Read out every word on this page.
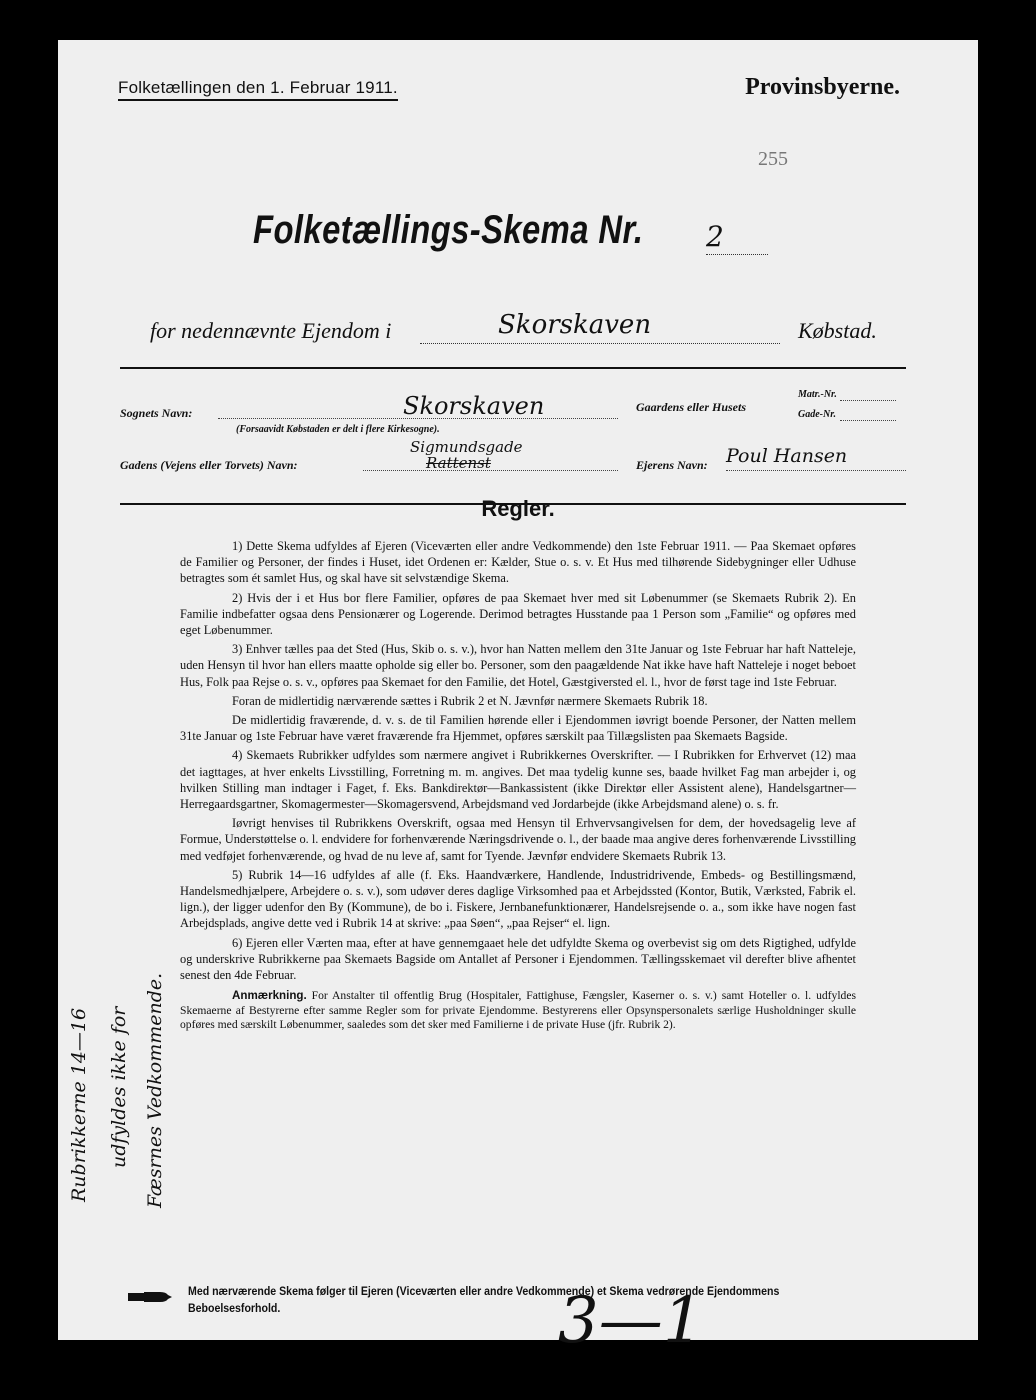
Folketællingen den 1. Februar 1911.	Provinsbyerne.
255
Folketællings-Skema Nr. 2
for nedennævnte Ejendom i	Skorskaven	Købstad.
Sognets Navn:	Skorskaven
(Forsaavidt Købstaden er delt i flere Kirkesogne).
Gaardens eller Husets
Matr.-Nr.
Gade-Nr.
Gadens (Vejens eller Torvets) Navn:
Sigmundsgade
Rattenst	Ejerens Navn: Poul Hansen
Regler.

1) Dette Skema udfyldes af Ejeren (Viceværten eller andre Vedkommende) den 1ste Februar 1911. — Paa Skemaet opføres de Familier og Personer, der findes i Huset, idet Ordenen er: Kælder, Stue o. s. v. Et Hus med tilhørende Sidebygninger eller Udhuse betragtes som ét samlet Hus, og skal have sit selvstændige Skema.

2) Hvis der i et Hus bor flere Familier, opføres de paa Skemaet hver med sit Løbenummer (se Skemaets Rubrik 2). En Familie indbefatter ogsaa dens Pensionærer og Logerende. Derimod betragtes Husstande paa 1 Person som „Familie“ og opføres med eget Løbenummer.

3) Enhver tælles paa det Sted (Hus, Skib o. s. v.), hvor han Natten mellem den 31te Januar og 1ste Februar har haft Natteleje, uden Hensyn til hvor han ellers maatte opholde sig eller bo. Personer, som den paagældende Nat ikke have haft Natteleje i noget beboet Hus, Folk paa Rejse o. s. v., opføres paa Skemaet for den Familie, det Hotel, Gæstgiversted el. l., hvor de først tage ind 1ste Februar.

Foran de midlertidig nærværende sættes i Rubrik 2 et N. Jævnfør nærmere Skemaets Rubrik 18.

De midlertidig fraværende, d. v. s. de til Familien hørende eller i Ejendommen iøvrigt boende Personer, der Natten mellem 31te Januar og 1ste Februar have været fraværende fra Hjemmet, opføres særskilt paa Tillægslisten paa Skemaets Bagside.

4) Skemaets Rubrikker udfyldes som nærmere angivet i Rubrikkernes Overskrifter. — I Rubrikken for Erhvervet (12) maa det iagttages, at hver enkelts Livsstilling, Forretning m. m. angives. Det maa tydelig kunne ses, baade hvilket Fag man arbejder i, og hvilken Stilling man indtager i Faget, f. Eks. Bankdirektør—Bankassistent (ikke Direktør eller Assistent alene), Handelsgartner—Herregaardsgartner, Skomagermester—Skomagersvend, Arbejdsmand ved Jordarbejde (ikke Arbejdsmand alene) o. s. fr.

Iøvrigt henvises til Rubrikkens Overskrift, ogsaa med Hensyn til Erhvervsangivelsen for dem, der hovedsagelig leve af Formue, Understøttelse o. l. endvidere for forhenværende Næringsdrivende o. l., der baade maa angive deres forhenværende Livsstilling med vedføjet forhenværende, og hvad de nu leve af, samt for Tyende. Jævnfør endvidere Skemaets Rubrik 13.

5) Rubrik 14—16 udfyldes af alle (f. Eks. Haandværkere, Handlende, Industridrivende, Embeds- og Bestillingsmænd, Handelsmedhjælpere, Arbejdere o. s. v.), som udøver deres daglige Virksomhed paa et Arbejdssted (Kontor, Butik, Værksted, Fabrik el. lign.), der ligger udenfor den By (Kommune), de bo i. Fiskere, Jernbanefunktionærer, Handelsrejsende o. a., som ikke have nogen fast Arbejdsplads, angive dette ved i Rubrik 14 at skrive: „paa Søen“, „paa Rejser“ el. lign.

6) Ejeren eller Værten maa, efter at have gennemgaaet hele det udfyldte Skema og overbevist sig om dets Rigtighed, udfylde og underskrive Rubrikkerne paa Skemaets Bagside om Antallet af Personer i Ejendommen. Tællingsskemaet vil derefter blive afhentet senest den 4de Februar.

Anmærkning. For Anstalter til offentlig Brug (Hospitaler, Fattighuse, Fængsler, Kaserner o. s. v.) samt Hoteller o. l. udfyldes Skemaerne af Bestyrerne efter samme Regler som for private Ejendomme. Bestyrerens eller Opsynspersonalets særlige Husholdninger skulle opføres med særskilt Løbenummer, saaledes som det sker med Familierne i de private Huse (jfr. Rubrik 2).

Rubrikkerne 14—16 udfyldes ikke for Fæsrnes Vedkommende.
Med nærværende Skema følger til Ejeren (Viceværten eller andre Vedkommende) et Skema vedrørende Ejendommens Beboelsesforhold.	3—1
